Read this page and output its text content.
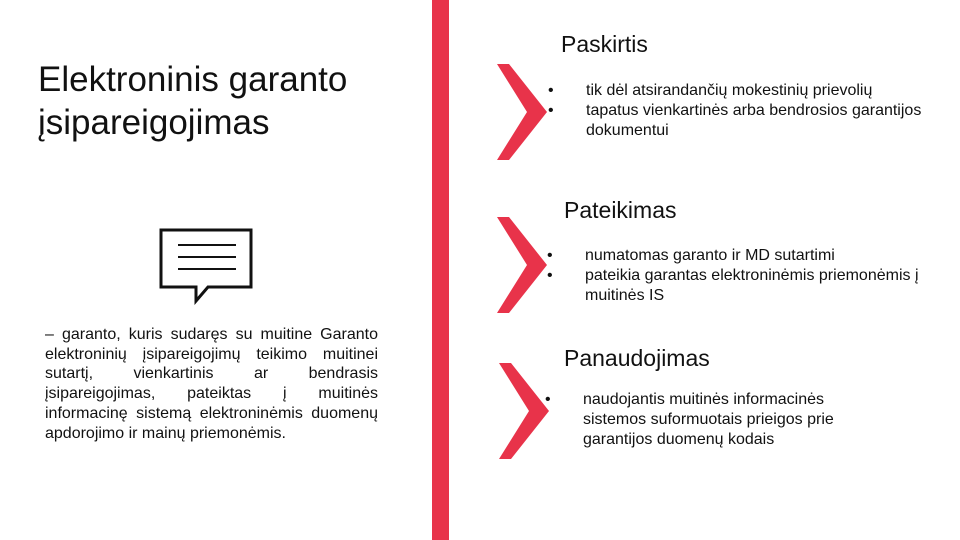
Elektroninis garanto įsipareigojimas

– garanto, kuris sudaręs su muitine Garanto elektroninių įsipareigojimų teikimo muitinei sutartį, vienkartinis ar bendrasis įsipareigojimas, pateiktas į muitinės informacinę sistemą elektroninėmis duomenų apdorojimo ir mainų priemonėmis.

Paskirtis
• tik dėl atsirandančių mokestinių prievolių
• tapatus vienkartinės arba bendrosios garantijos dokumentui
Pateikimas
• numatomas garanto ir MD sutartimi
• pateikia garantas elektroninėmis priemonėmis į muitinės IS
Panaudojimas
• naudojantis muitinės informacinės sistemos suformuotais prieigos prie garantijos duomenų kodais
